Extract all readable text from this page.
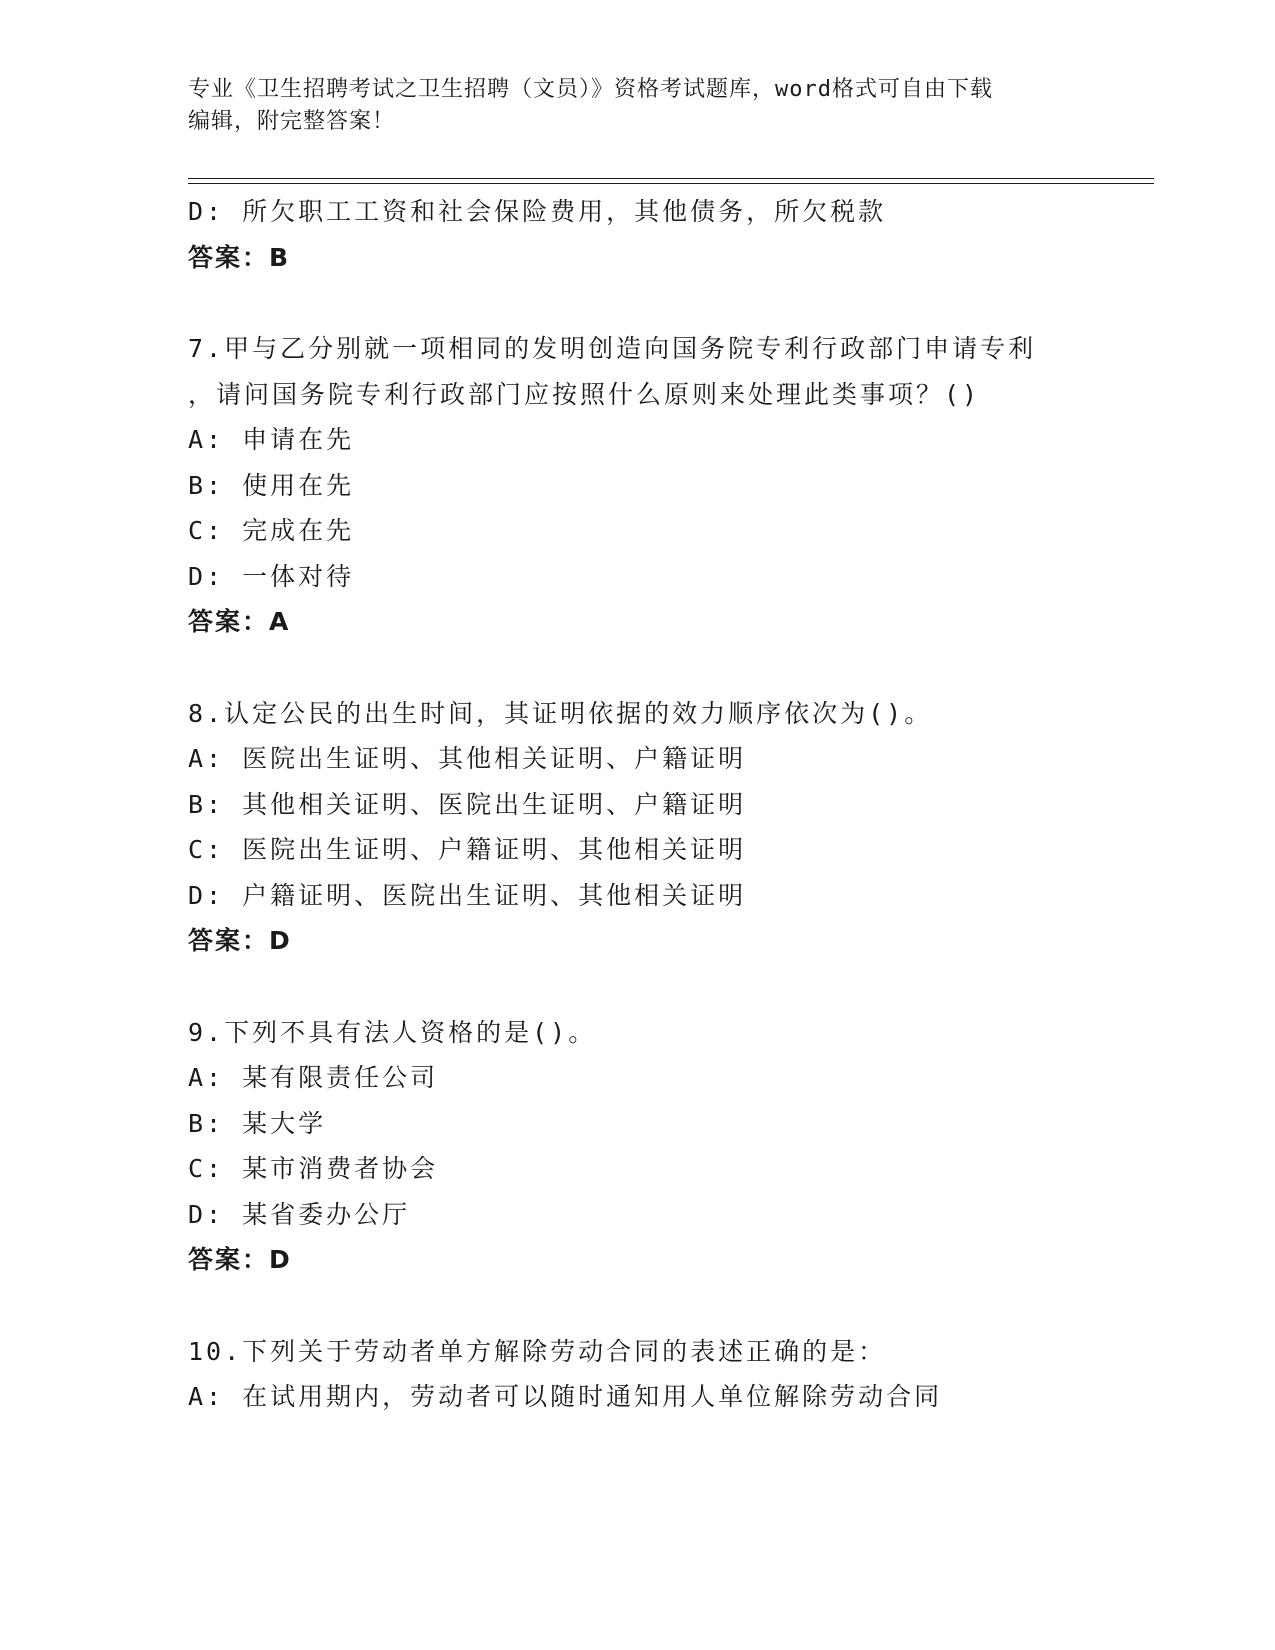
专业《卫生招聘考试之卫生招聘（文员）》资格考试题库，word格式可自由下载
编辑，附完整答案！
D: 所欠职工工资和社会保险费用，其他债务，所欠税款
答案：B
7.甲与乙分别就一项相同的发明创造向国务院专利行政部门申请专利
，请问国务院专利行政部门应按照什么原则来处理此类事项？()
A: 申请在先
B: 使用在先
C: 完成在先
D: 一体对待
答案：A
8.认定公民的出生时间，其证明依据的效力顺序依次为()。
A: 医院出生证明、其他相关证明、户籍证明
B: 其他相关证明、医院出生证明、户籍证明
C: 医院出生证明、户籍证明、其他相关证明
D: 户籍证明、医院出生证明、其他相关证明
答案：D
9.下列不具有法人资格的是()。
A: 某有限责任公司
B: 某大学
C: 某市消费者协会
D: 某省委办公厅
答案：D
10.下列关于劳动者单方解除劳动合同的表述正确的是：
A: 在试用期内，劳动者可以随时通知用人单位解除劳动合同
